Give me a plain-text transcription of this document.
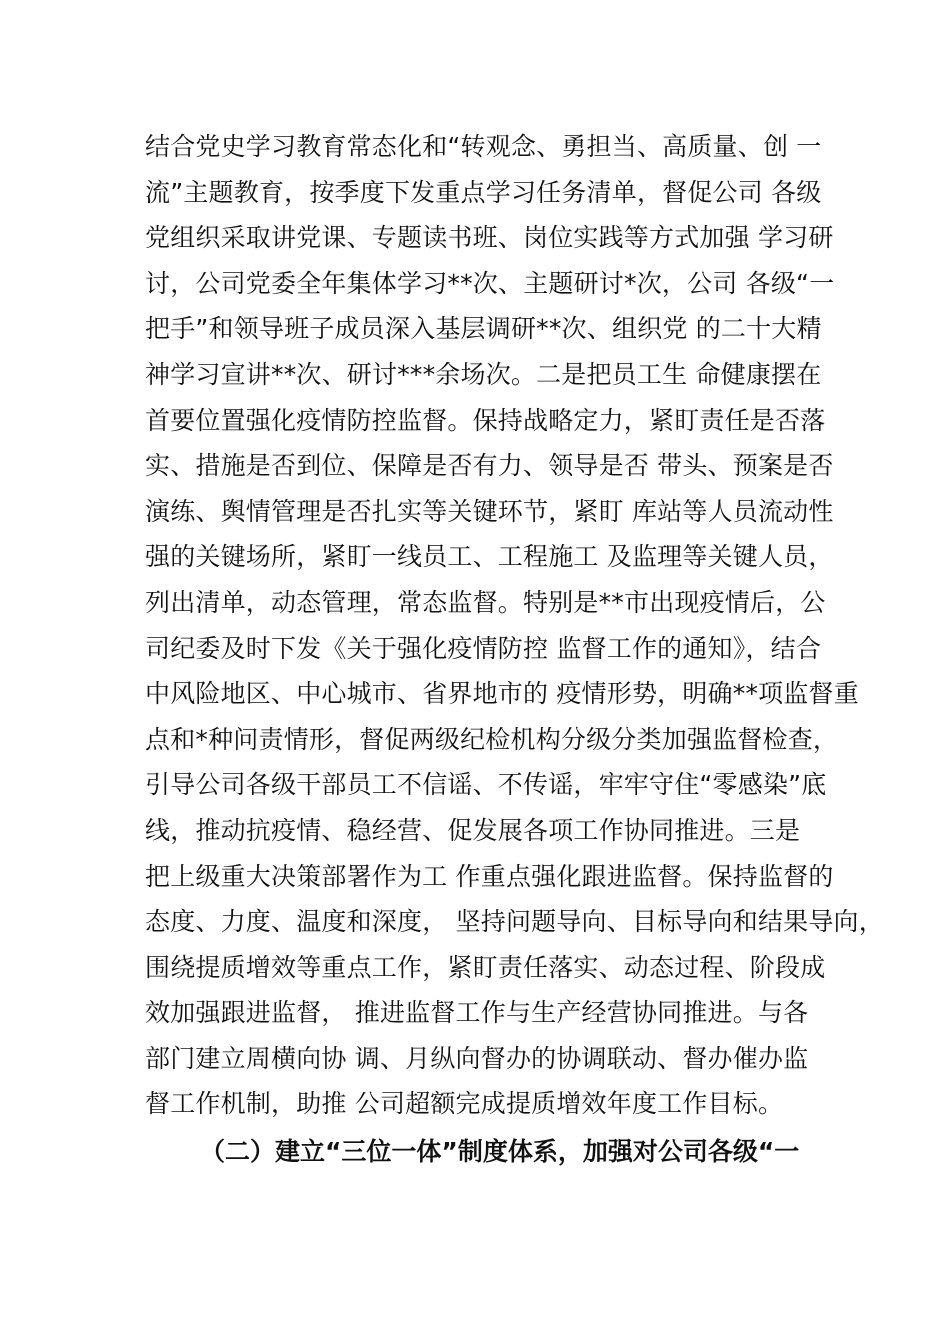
结合党史学习教育常态化和“转观念、勇担当、高质量、创 一
流”主题教育，按季度下发重点学习任务清单，督促公司 各级
党组织采取讲党课、专题读书班、岗位实践等方式加强 学习研
讨，公司党委全年集体学习**次、主题研讨*次，公司 各级“一
把手”和领导班子成员深入基层调研**次、组织党 的二十大精
神学习宣讲**次、研讨***余场次。二是把员工生 命健康摆在
首要位置强化疫情防控监督。保持战略定力，紧盯责任是否落
实、措施是否到位、保障是否有力、领导是否 带头、预案是否
演练、舆情管理是否扎实等关键环节，紧盯 库站等人员流动性
强的关键场所，紧盯一线员工、工程施工 及监理等关键人员，
列出清单，动态管理，常态监督。特别是**市出现疫情后，公
司纪委及时下发《关于强化疫情防控 监督工作的通知》，结合
中风险地区、中心城市、省界地市的 疫情形势，明确**项监督重
点和*种问责情形，督促两级纪检机构分级分类加强监督检查，
引导公司各级干部员工不信谣、不传谣，牢牢守住“零感染”底
线，推动抗疫情、稳经营、促发展各项工作协同推进。三是
把上级重大决策部署作为工 作重点强化跟进监督。保持监督的
态度、力度、温度和深度， 坚持问题导向、目标导向和结果导向，
围绕提质增效等重点工作，紧盯责任落实、动态过程、阶段成
效加强跟进监督， 推进监督工作与生产经营协同推进。与各
部门建立周横向协 调、月纵向督办的协调联动、督办催办监
督工作机制，助推 公司超额完成提质增效年度工作目标。
（二）建立“三位一体”制度体系，加强对公司各级“一
